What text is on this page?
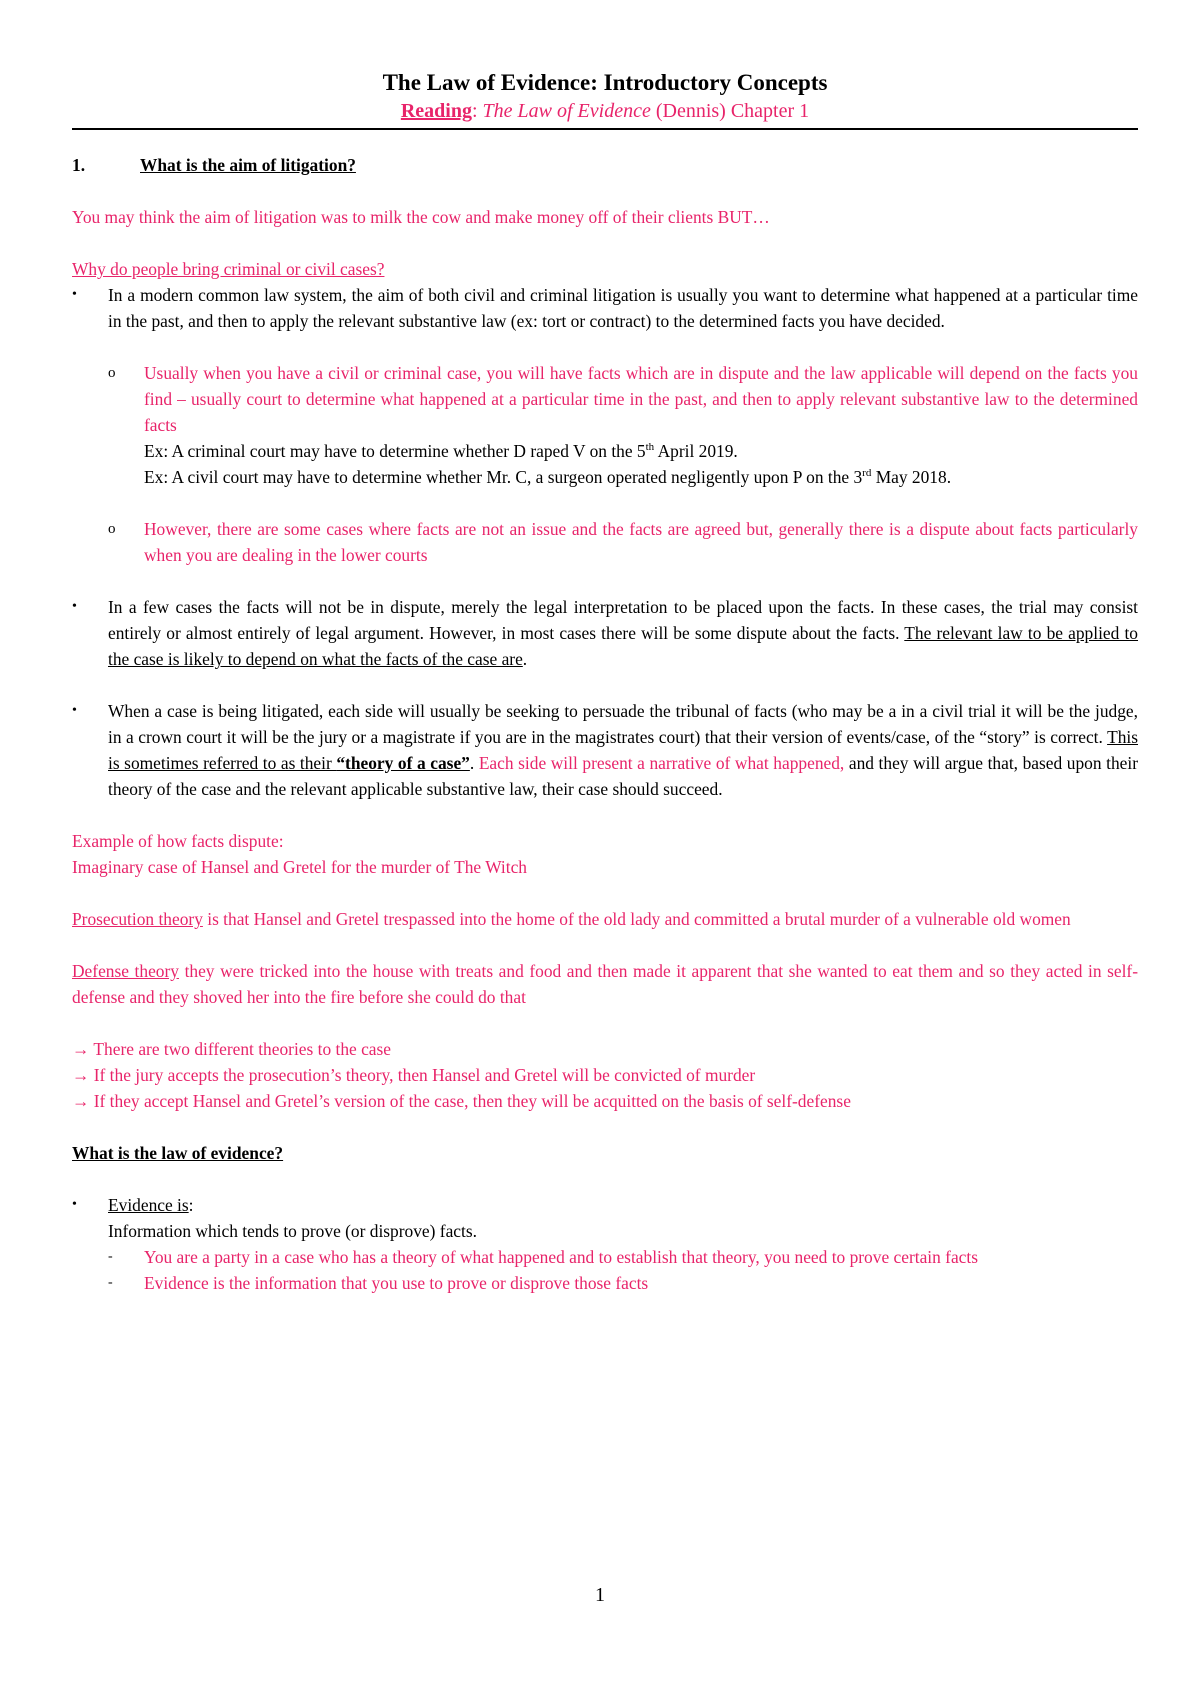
The Law of Evidence: Introductory Concepts

Reading: The Law of Evidence (Dennis) Chapter 1

1.	What is the aim of litigation?

You may think the aim of litigation was to milk the cow and make money off of their clients BUT…

Why do people bring criminal or civil cases?

•	In a modern common law system, the aim of both civil and criminal litigation is usually you want to determine what happened at a particular time in the past, and then to apply the relevant substantive law (ex: tort or contract) to the determined facts you have decided.
o	Usually when you have a civil or criminal case, you will have facts which are in dispute and the law applicable will depend on the facts you find – usually court to determine what happened at a particular time in the past, and then to apply relevant substantive law to the determined facts

Ex: A criminal court may have to determine whether D raped V on the 5th April 2019.

Ex: A civil court may have to determine whether Mr. C, a surgeon operated negligently upon P on the 3rd May 2018.

o	However, there are some cases where facts are not an issue and the facts are agreed but, generally there is a dispute about facts particularly when you are dealing in the lower courts
•	In a few cases the facts will not be in dispute, merely the legal interpretation to be placed upon the facts. In these cases, the trial may consist entirely or almost entirely of legal argument. However, in most cases there will be some dispute about the facts. The relevant law to be applied to the case is likely to depend on what the facts of the case are.
•	When a case is being litigated, each side will usually be seeking to persuade the tribunal of facts (who may be a in a civil trial it will be the judge, in a crown court it will be the jury or a magistrate if you are in the magistrates court) that their version of events/case, of the “story” is correct. This is sometimes referred to as their “theory of a case”. Each side will present a narrative of what happened, and they will argue that, based upon their theory of the case and the relevant applicable substantive law, their case should succeed.

Example of how facts dispute:

Imaginary case of Hansel and Gretel for the murder of The Witch

Prosecution theory is that Hansel and Gretel trespassed into the home of the old lady and committed a brutal murder of a vulnerable old women

Defense theory they were tricked into the house with treats and food and then made it apparent that she wanted to eat them and so they acted in self-defense and they shoved her into the fire before she could do that

→ There are two different theories to the case

→ If the jury accepts the prosecution’s theory, then Hansel and Gretel will be convicted of murder

→ If they accept Hansel and Gretel’s version of the case, then they will be acquitted on the basis of self-defense

What is the law of evidence?

•	Evidence is:

Information which tends to prove (or disprove) facts.

-	You are a party in a case who has a theory of what happened and to establish that theory, you need to prove certain facts
-	Evidence is the information that you use to prove or disprove those facts
1
